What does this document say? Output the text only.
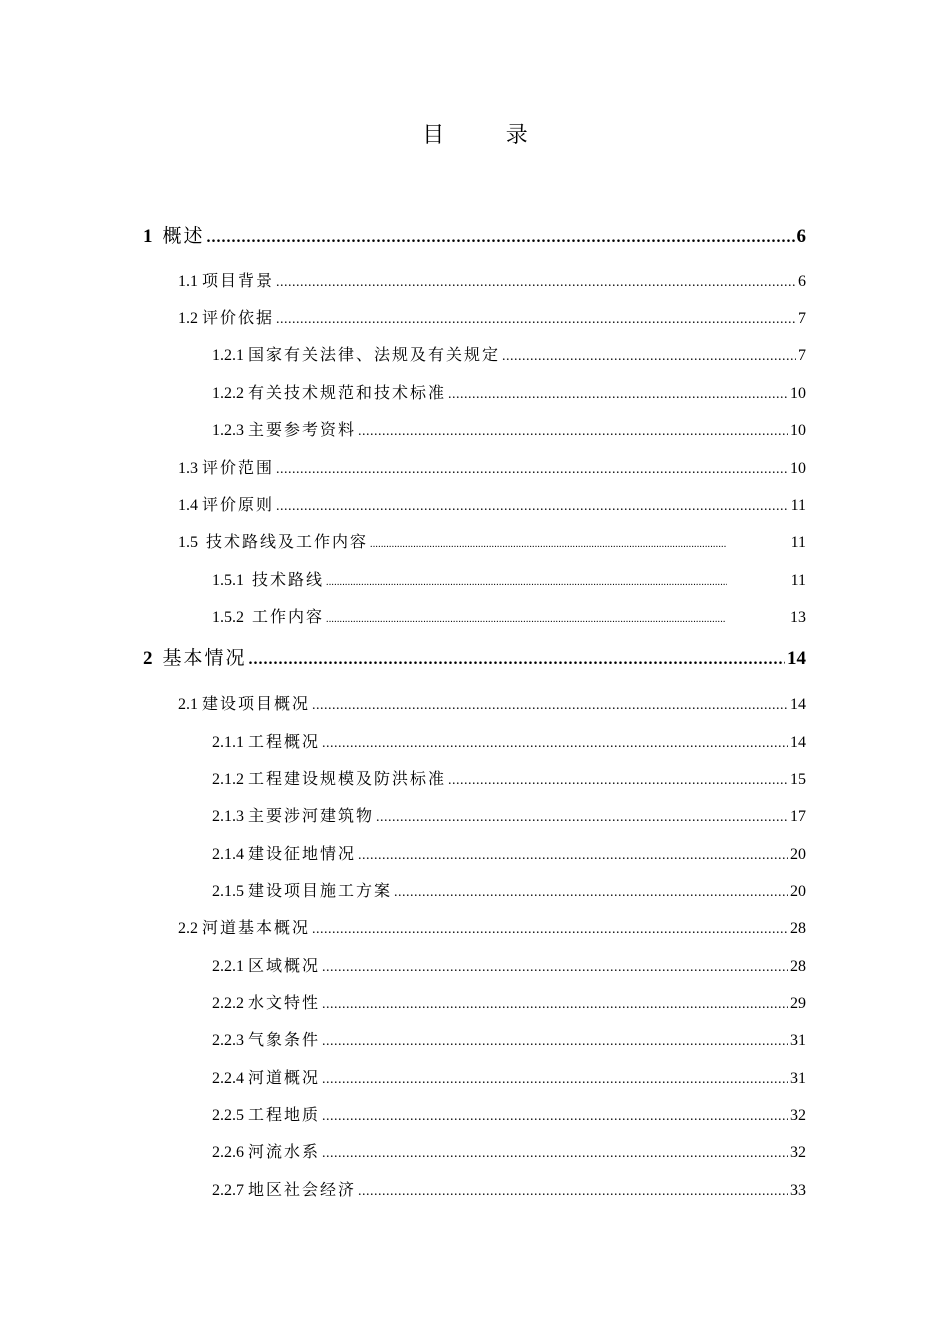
目 录
1 概述 .....	6
1.1 项目背景 .....	6
1.2 评价依据 .....	7
1.2.1 国家有关法律、法规及有关规定 .....	7
1.2.2 有关技术规范和技术标准 .....	10
1.2.3 主要参考资料 .....	10
1.3 评价范围 .....	10
1.4 评价原则 .....	11
1.5 技术路线及工作内容 .....	11
1.5.1 技术路线 .....	11
1.5.2 工作内容 .....	13
2 基本情况 .....	14
2.1 建设项目概况 .....	14
2.1.1 工程概况 .....	14
2.1.2 工程建设规模及防洪标准 .....	15
2.1.3 主要涉河建筑物 .....	17
2.1.4 建设征地情况 .....	20
2.1.5 建设项目施工方案 .....	20
2.2 河道基本概况 .....	28
2.2.1 区域概况 .....	28
2.2.2 水文特性 .....	29
2.2.3 气象条件 .....	31
2.2.4 河道概况 .....	31
2.2.5 工程地质 .....	32
2.2.6 河流水系 .....	32
2.2.7 地区社会经济 .....	33
